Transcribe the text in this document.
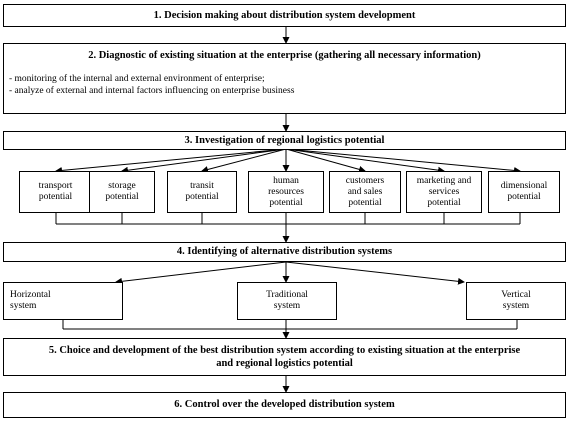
1. Decision making about distribution system development
2. Diagnostic of existing situation at the enterprise (gathering all necessary information)
- monitoring of the internal and external environment of enterprise;
- analyze of external and internal factors influencing on enterprise business
3. Investigation of regional logistics potential
transport
potential
storage
potential
transit
potential
human
resources
potential
customers
and sales
potential
marketing and
services
potential
dimensional
potential
4. Identifying of alternative distribution systems
Horizontal
system
Traditional
system
Vertical
system
5. Choice and development of the best distribution system according to existing situation at the enterprise
and regional logistics potential
6. Control over the developed distribution system
